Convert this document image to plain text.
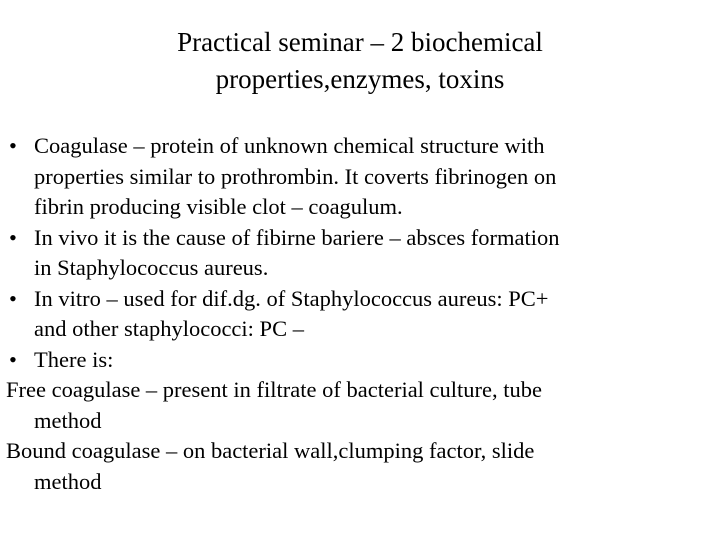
Practical seminar – 2 biochemical
properties,enzymes, toxins
• Coagulase – protein of unknown chemical structure with
properties similar to prothrombin. It coverts fibrinogen on
fibrin producing visible clot – coagulum.
• In vivo it is the cause of fibirne bariere – absces formation
in Staphylococcus aureus.
• In vitro – used for dif.dg. of Staphylococcus aureus: PC+
and other staphylococci: PC –
• There is:
Free coagulase – present in filtrate of bacterial culture, tube
method
Bound coagulase – on bacterial wall,clumping factor, slide
method
